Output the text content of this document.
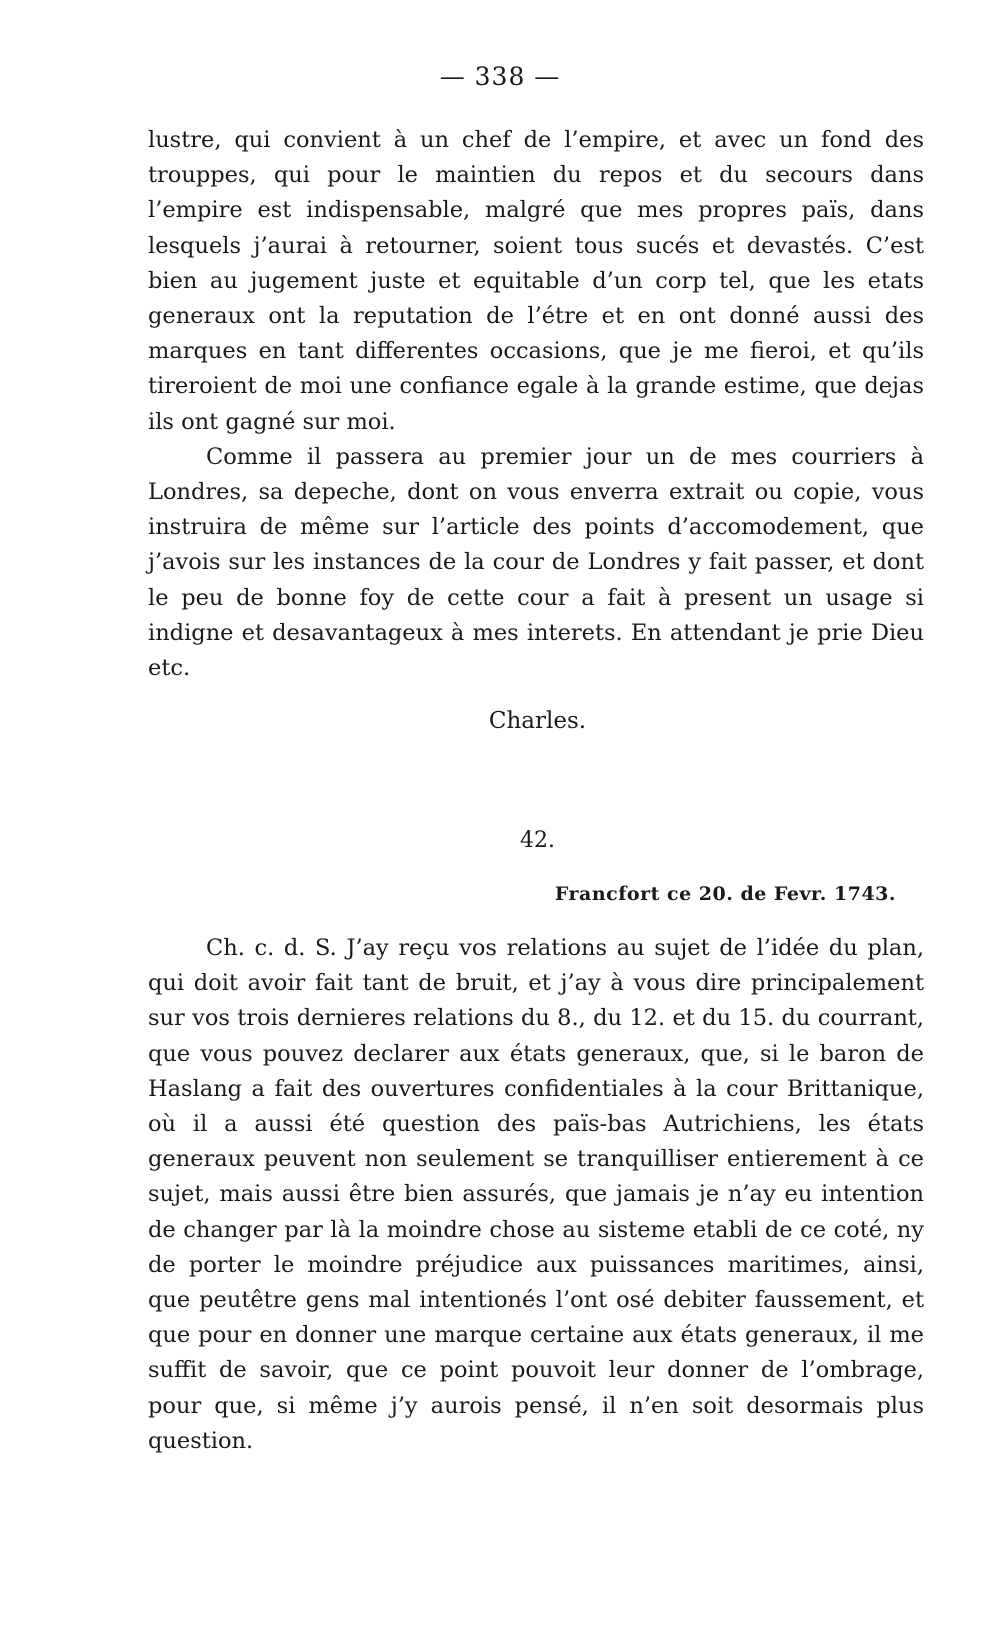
— 338 —

lustre, qui convient à un chef de l’empire, et avec un fond des trouppes, qui pour le maintien du repos et du secours dans l’empire est indispensable, malgré que mes propres païs, dans lesquels j’aurai à retourner, soient tous sucés et devastés. C’est bien au jugement juste et equitable d’un corp tel, que les etats generaux ont la reputation de l’étre et en ont donné aussi des marques en tant differentes occasions, que je me fieroi, et qu’ils tireroient de moi une confiance egale à la grande estime, que dejas ils ont gagné sur moi.

Comme il passera au premier jour un de mes courriers à Londres, sa depeche, dont on vous enverra extrait ou copie, vous instruira de même sur l’article des points d’accomodement, que j’avois sur les instances de la cour de Londres y fait passer, et dont le peu de bonne foy de cette cour a fait à present un usage si indigne et desavantageux à mes interets. En attendant je prie Dieu etc.

Charles.
42.
Francfort ce 20. de Fevr. 1743.

Ch. c. d. S. J’ay reçu vos relations au sujet de l’idée du plan, qui doit avoir fait tant de bruit, et j’ay à vous dire principalement sur vos trois dernieres relations du 8., du 12. et du 15. du courrant, que vous pouvez declarer aux états generaux, que, si le baron de Haslang a fait des ouvertures confidentiales à la cour Brittanique, où il a aussi été question des païs-bas Autrichiens, les états generaux peuvent non seulement se tranquilliser entierement à ce sujet, mais aussi être bien assurés, que jamais je n’ay eu intention de changer par là la moindre chose au sisteme etabli de ce coté, ny de porter le moindre préjudice aux puissances maritimes, ainsi, que peutêtre gens mal intentionés l’ont osé debiter faussement, et que pour en donner une marque certaine aux états generaux, il me suffit de savoir, que ce point pouvoit leur donner de l’ombrage, pour que, si même j’y aurois pensé, il n’en soit desormais plus question.
